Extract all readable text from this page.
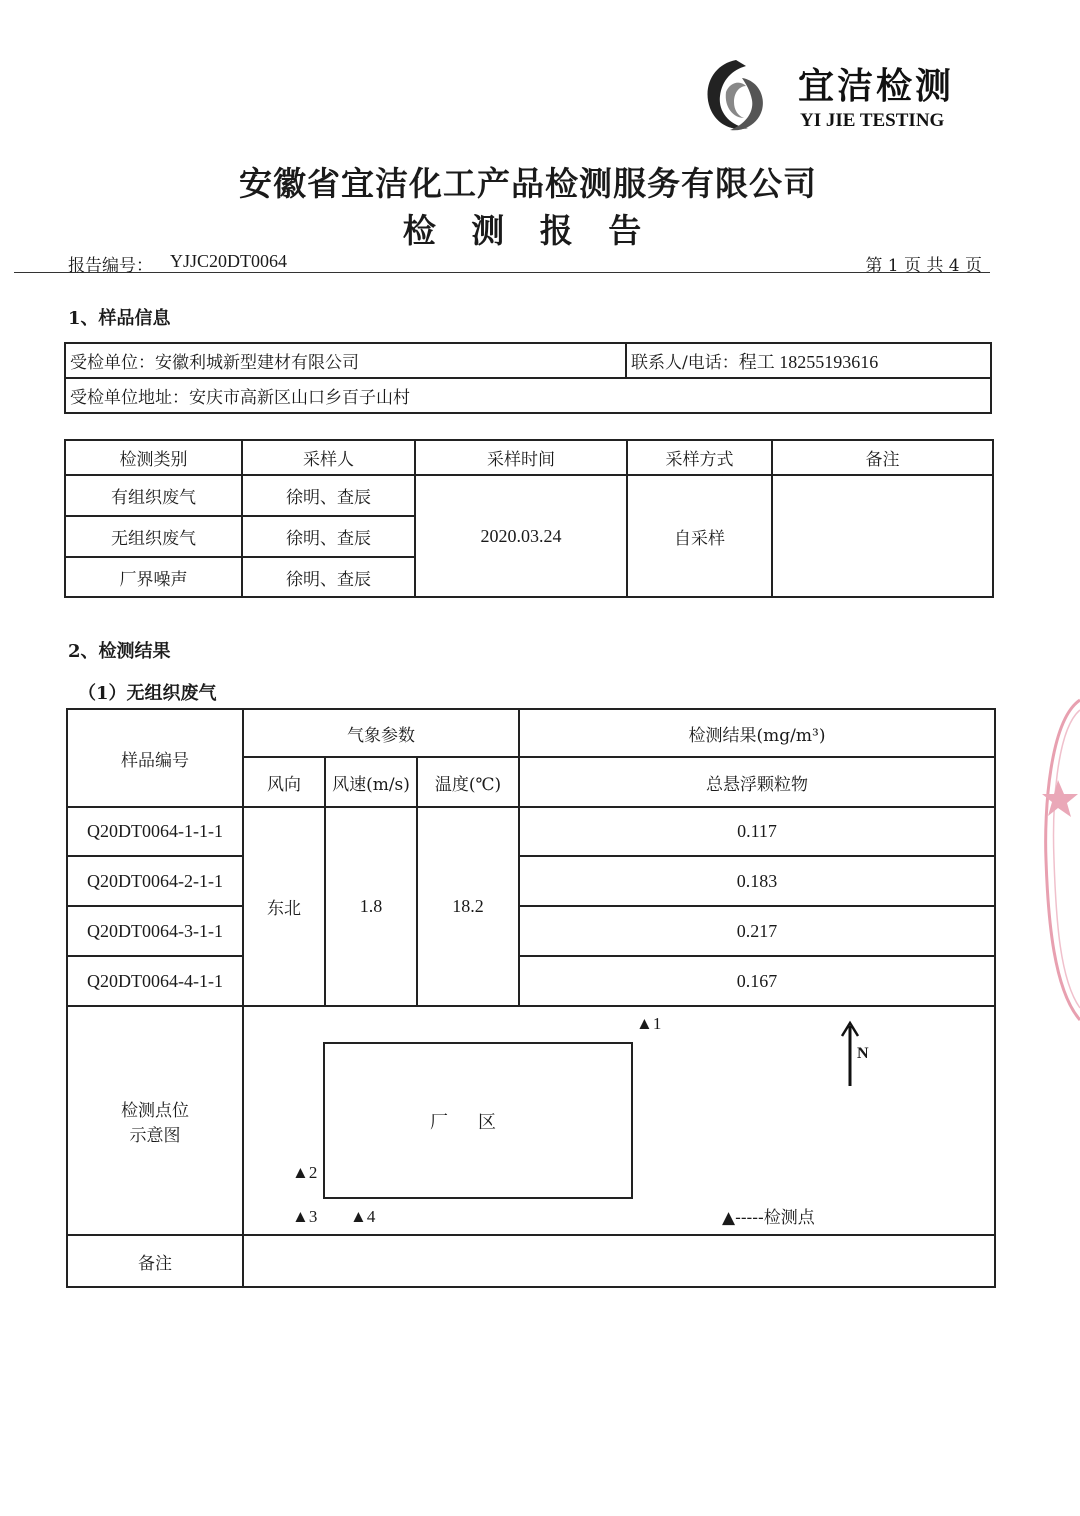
宜洁检测
YI JIE TESTING
安徽省宜洁化工产品检测服务有限公司
检 测 报 告
报告编号： YJJC20DT0064	第 1 页 共 4 页
1、样品信息
受检单位：安徽利城新型建材有限公司	联系人/电话：程工 18255193616
受检单位地址：安庆市高新区山口乡百子山村
检测类别	采样人	采样时间	采样方式	备注
有组织废气	徐明、查辰	2020.03.24	自采样	
无组织废气	徐明、查辰			
厂界噪声	徐明、查辰			
2、检测结果
（1）无组织废气
样品编号	气象参数			检测结果(mg/m³)
	风向	风速(m/s)	温度(℃)	总悬浮颗粒物
Q20DT0064-1-1-1	东北	1.8	18.2	0.117
Q20DT0064-2-1-1				0.183
Q20DT0064-3-1-1				0.217
Q20DT0064-4-1-1				0.167

检测点位
示意图				

备注				
厂区
▲1
▲2
▲3 ▲4
N
▲-----检测点
